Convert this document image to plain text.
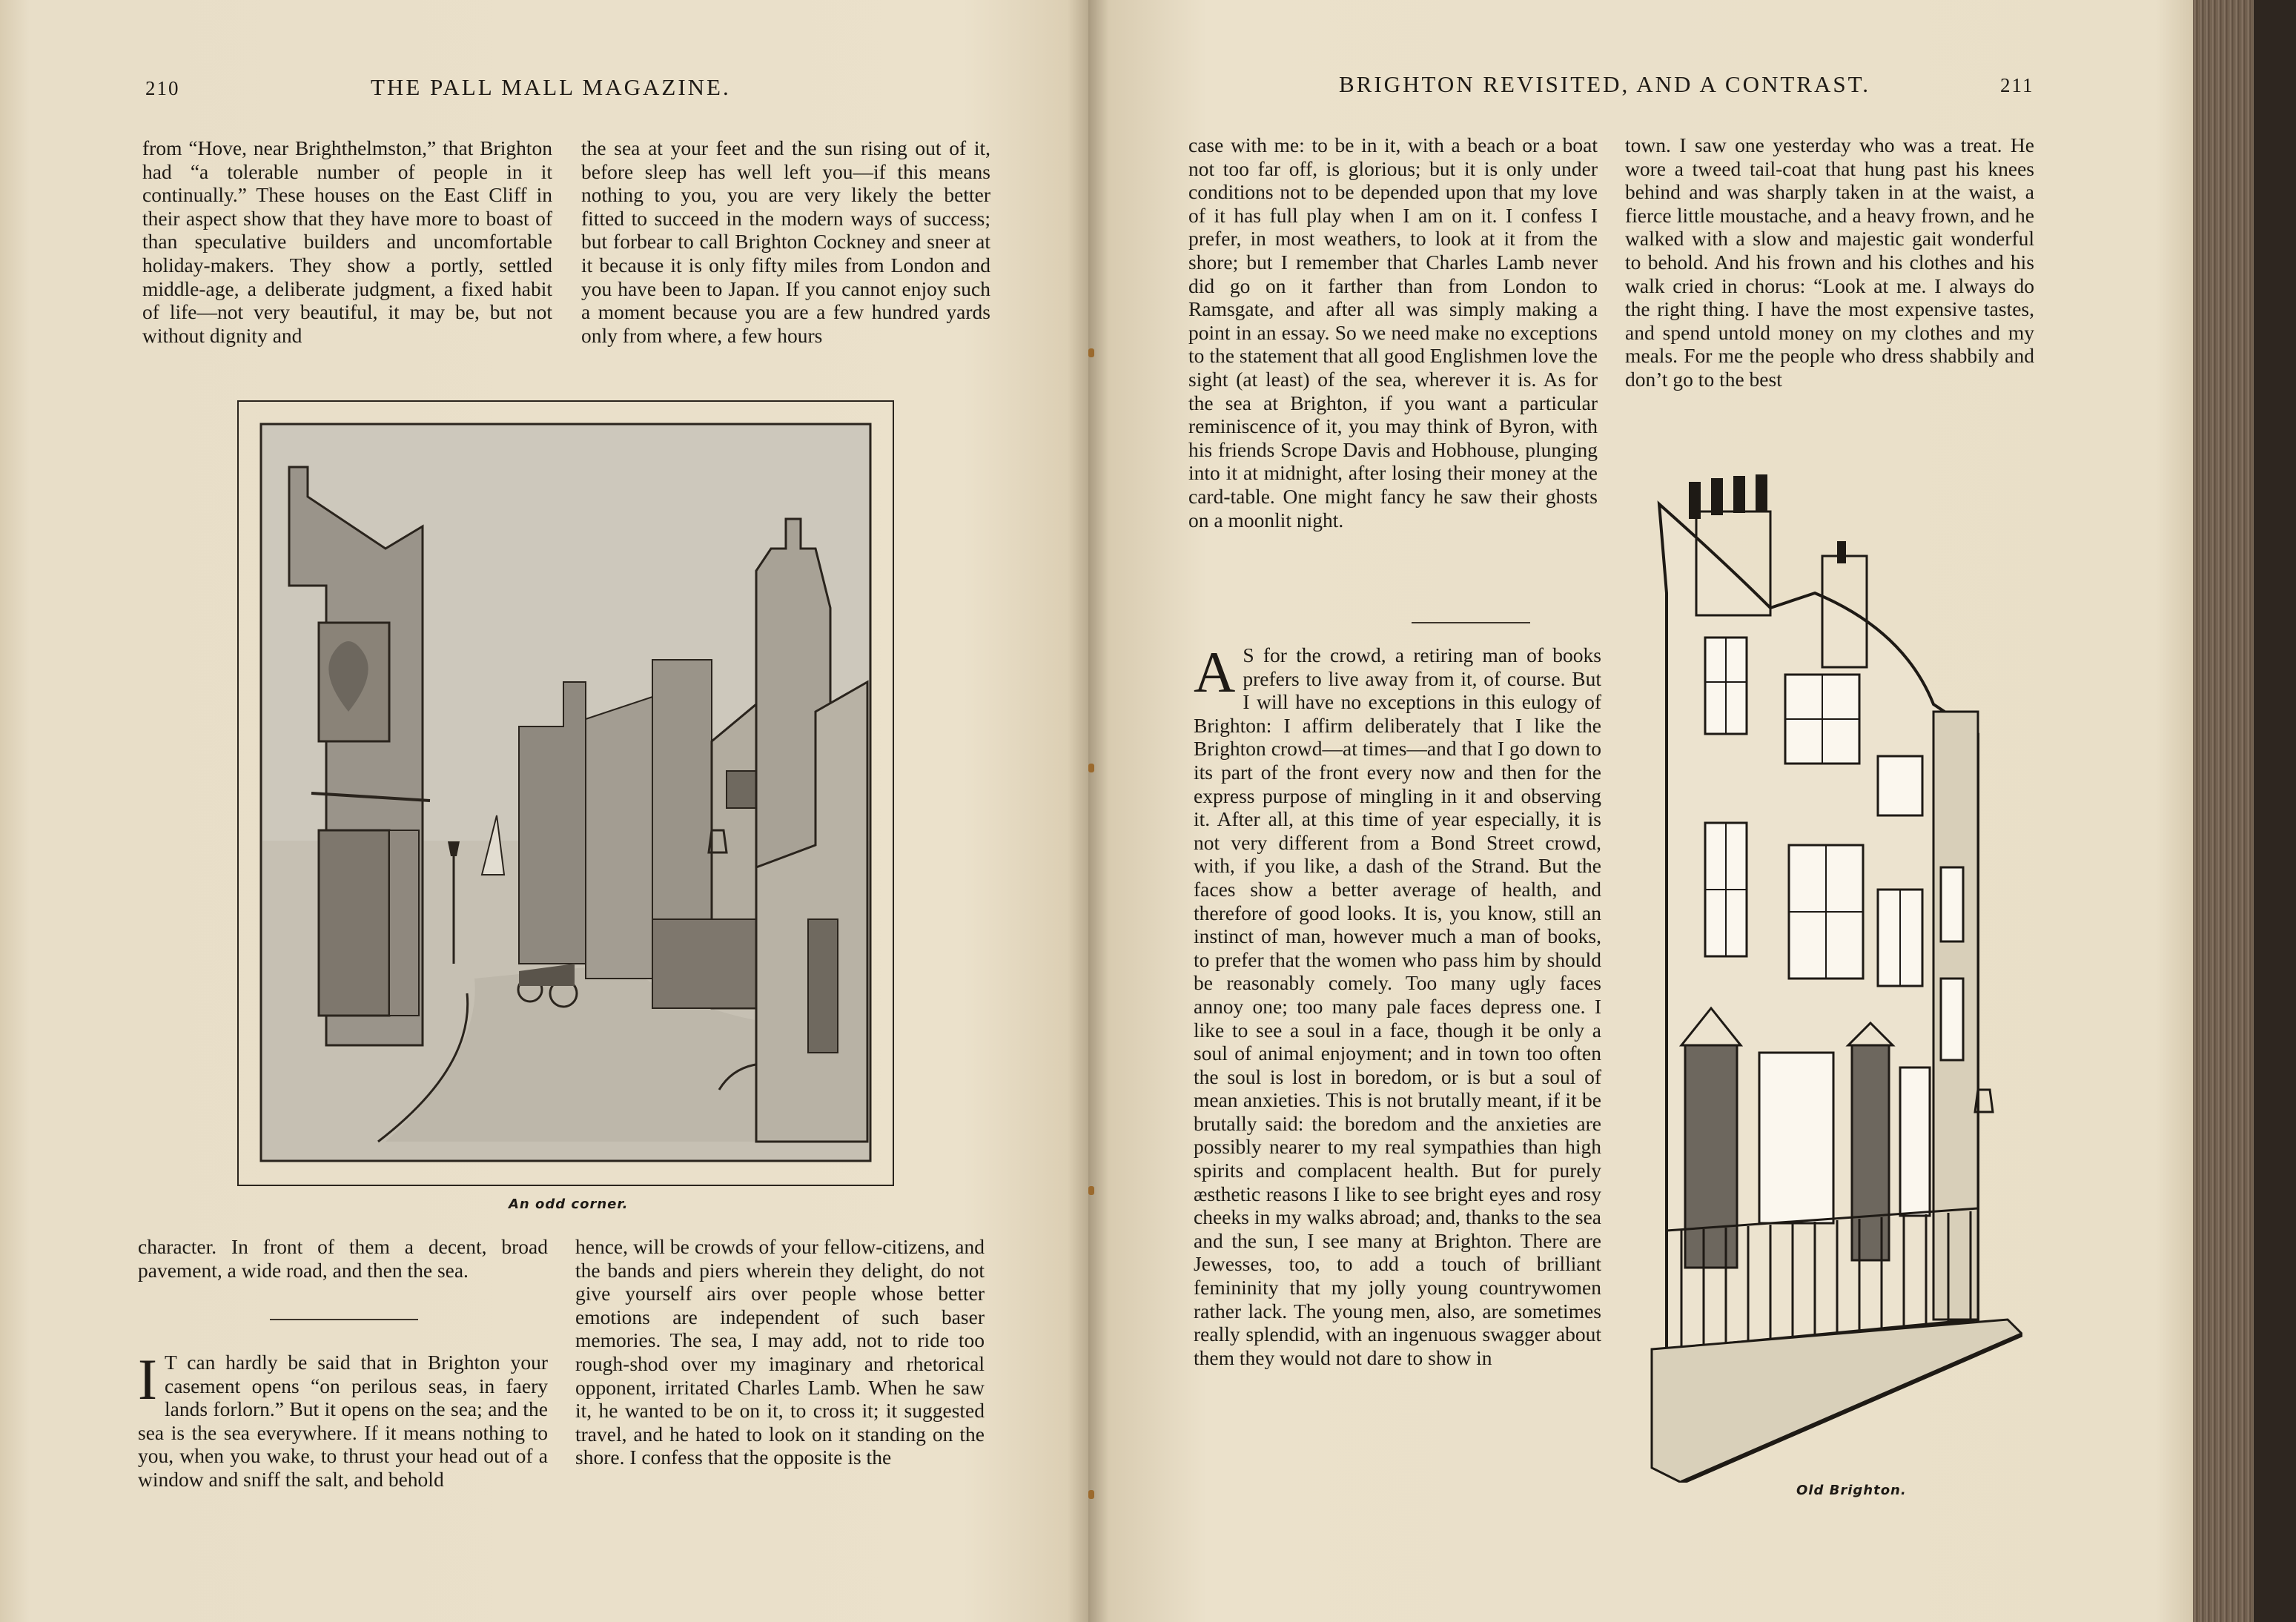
210	THE PALL MALL MAGAZINE.

from “Hove, near Brighthelmston,” that Brighton had “a tolerable number of people in it continually.” These houses on the East Cliff in their aspect show that they have more to boast of than speculative builders and uncomfortable holiday-makers. They show a portly, settled middle-age, a deliberate judgment, a fixed habit of life—not very beautiful, it may be, but not without dignity and

the sea at your feet and the sun rising out of it, before sleep has well left you—if this means nothing to you, you are very likely the better fitted to succeed in the modern ways of success; but forbear to call Brighton Cockney and sneer at it because it is only fifty miles from London and you have been to Japan. If you cannot enjoy such a moment because you are a few hundred yards only from where, a few hours

An odd corner.

character. In front of them a decent, broad pavement, a wide road, and then the sea.

I T can hardly be said that in Brighton your casement opens “on perilous seas, in faery lands forlorn.” But it opens on the sea; and the sea is the sea everywhere. If it means nothing to you, when you wake, to thrust your head out of a window and sniff the salt, and behold

hence, will be crowds of your fellow-citizens, and the bands and piers wherein they delight, do not give yourself airs over people whose better emotions are independent of such baser memories. The sea, I may add, not to ride too rough-shod over my imaginary and rhetorical opponent, irritated Charles Lamb. When he saw it, he wanted to be on it, to cross it; it suggested travel, and he hated to look on it standing on the shore. I confess that the opposite is the

BRIGHTON REVISITED, AND A CONTRAST.	211

case with me: to be in it, with a beach or a boat not too far off, is glorious; but it is only under conditions not to be depended upon that my love of it has full play when I am on it. I confess I prefer, in most weathers, to look at it from the shore; but I remember that Charles Lamb never did go on it farther than from London to Ramsgate, and after all was simply making a point in an essay. So we need make no exceptions to the statement that all good Englishmen love the sight (at least) of the sea, wherever it is. As for the sea at Brighton, if you want a particular reminiscence of it, you may think of Byron, with his friends Scrope Davis and Hobhouse, plunging into it at midnight, after losing their money at the card-table. One might fancy he saw their ghosts on a moonlit night.

A S for the crowd, a retiring man of books prefers to live away from it, of course. But I will have no exceptions in this eulogy of Brighton: I affirm deliberately that I like the Brighton crowd—at times—and that I go down to its part of the front every now and then for the express purpose of mingling in it and observing it. After all, at this time of year especially, it is not very different from a Bond Street crowd, with, if you like, a dash of the Strand. But the faces show a better average of health, and therefore of good looks. It is, you know, still an instinct of man, however much a man of books, to prefer that the women who pass him by should be reasonably comely. Too many ugly faces annoy one; too many pale faces depress one. I like to see a soul in a face, though it be only a soul of animal enjoyment; and in town too often the soul is lost in boredom, or is but a soul of mean anxieties. This is not brutally meant, if it be brutally said: the boredom and the anxieties are possibly nearer to my real sympathies than high spirits and complacent health. But for purely æsthetic reasons I like to see bright eyes and rosy cheeks in my walks abroad; and, thanks to the sea and the sun, I see many at Brighton. There are Jewesses, too, to add a touch of brilliant femininity that my jolly young countrywomen rather lack. The young men, also, are sometimes really splendid, with an ingenuous swagger about them they would not dare to show in

town. I saw one yesterday who was a treat. He wore a tweed tail-coat that hung past his knees behind and was sharply taken in at the waist, a fierce little moustache, and a heavy frown, and he walked with a slow and majestic gait wonderful to behold. And his frown and his clothes and his walk cried in chorus: “Look at me. I always do the right thing. I have the most expensive tastes, and spend untold money on my clothes and my meals. For me the people who dress shabbily and don’t go to the best

Old Brighton.
